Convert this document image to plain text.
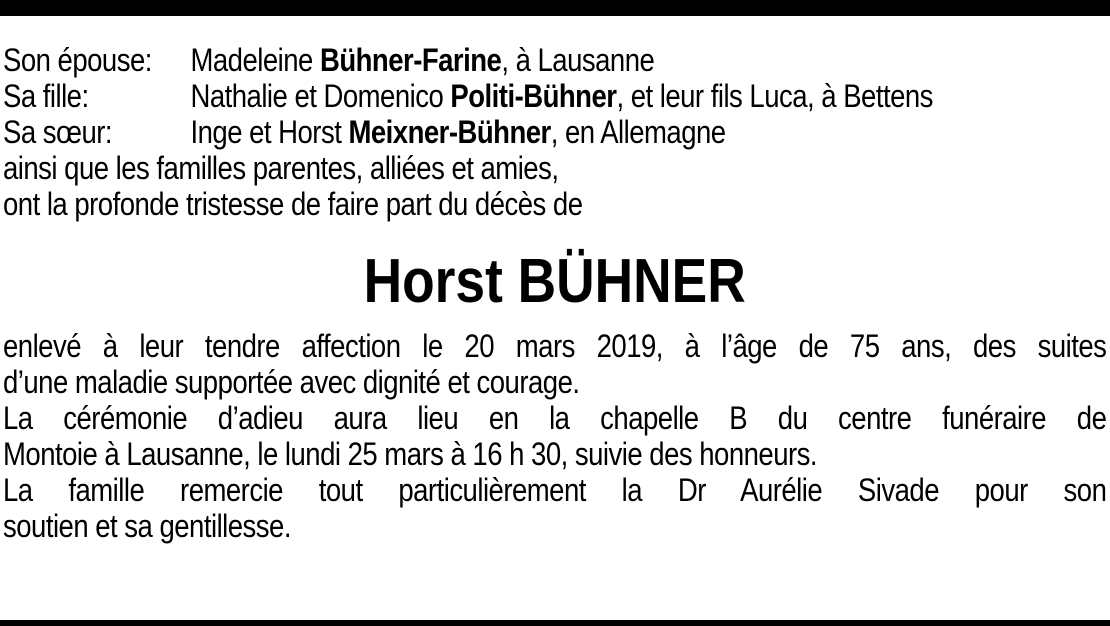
Son épouse:	Madeleine Bühner-Farine, à Lausanne
Sa fille:	Nathalie et Domenico Politi-Bühner, et leur fils Luca, à Bettens
Sa sœur:	Inge et Horst Meixner-Bühner, en Allemagne
ainsi que les familles parentes, alliées et amies,
ont la profonde tristesse de faire part du décès de
Horst BÜHNER
enlevé à leur tendre affection le 20 mars 2019, à l’âge de 75 ans, des suites
d’une maladie supportée avec dignité et courage.
La cérémonie d’adieu aura lieu en la chapelle B du centre funéraire de
Montoie à Lausanne, le lundi 25 mars à 16 h 30, suivie des honneurs.
La famille remercie tout particulièrement la Dr Aurélie Sivade pour son
soutien et sa gentillesse.
